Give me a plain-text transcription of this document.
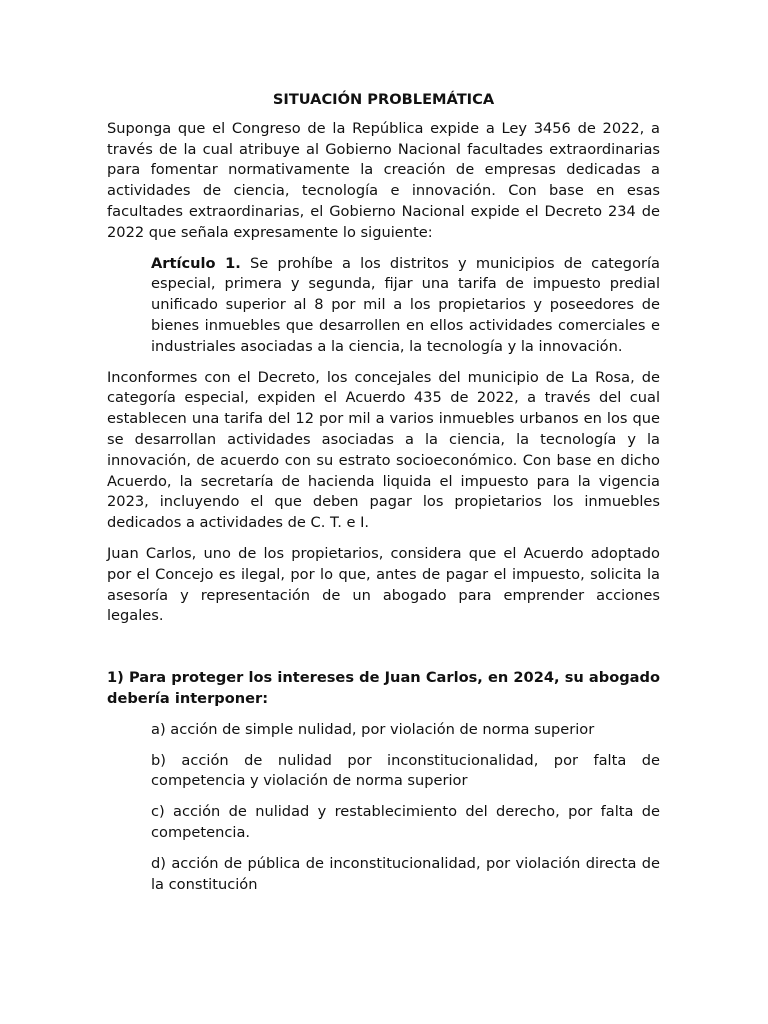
SITUACIÓN PROBLEMÁTICA
Suponga que el Congreso de la República expide a Ley 3456 de 2022, a través de la cual atribuye al Gobierno Nacional facultades extraordinarias para fomentar normativamente la creación de empresas dedicadas a actividades de ciencia, tecnología e innovación. Con base en esas facultades extraordinarias, el Gobierno Nacional expide el Decreto 234 de 2022 que señala expresamente lo siguiente:
Artículo 1. Se prohíbe a los distritos y municipios de categoría especial, primera y segunda, fijar una tarifa de impuesto predial unificado superior al 8 por mil a los propietarios y poseedores de bienes inmuebles que desarrollen en ellos actividades comerciales e industriales asociadas a la ciencia, la tecnología y la innovación.
Inconformes con el Decreto, los concejales del municipio de La Rosa, de categoría especial, expiden el Acuerdo 435 de 2022, a través del cual establecen una tarifa del 12 por mil a varios inmuebles urbanos en los que se desarrollan actividades asociadas a la ciencia, la tecnología y la innovación, de acuerdo con su estrato socioeconómico. Con base en dicho Acuerdo, la secretaría de hacienda liquida el impuesto para la vigencia 2023, incluyendo el que deben pagar los propietarios los inmuebles dedicados a actividades de C. T. e I.
Juan Carlos, uno de los propietarios, considera que el Acuerdo adoptado por el Concejo es ilegal, por lo que, antes de pagar el impuesto, solicita la asesoría y representación de un abogado para emprender acciones legales.
1) Para proteger los intereses de Juan Carlos, en 2024, su abogado debería interponer:
a) acción de simple nulidad, por violación de norma superior
b) acción de nulidad por inconstitucionalidad, por falta de competencia y violación de norma superior
c) acción de nulidad y restablecimiento del derecho, por falta de competencia.
d) acción de pública de inconstitucionalidad, por violación directa de la constitución
